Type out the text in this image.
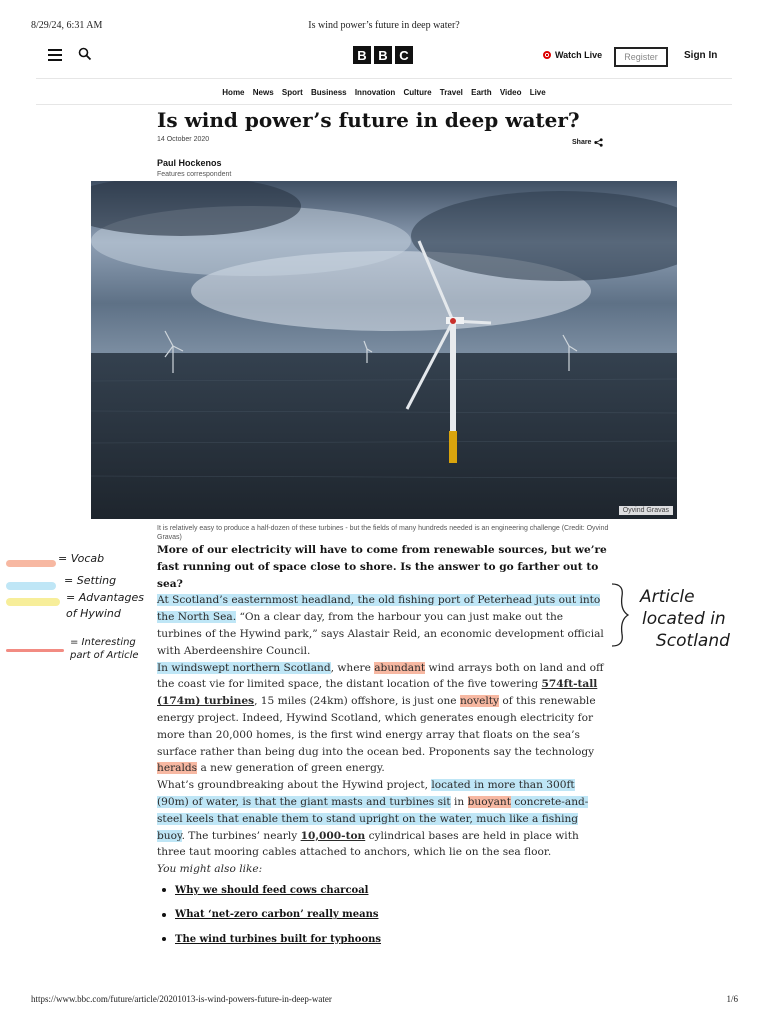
8/29/24, 6:31 AM	Is wind power’s future in deep water?
B B C	Watch Live	Register	Sign In
Home News Sport Business Innovation Culture Travel Earth Video Live
Is wind power’s future in deep water?
14 October 2020	Share
Paul Hockenos
Features correspondent
Oyvind Gravas
It is relatively easy to produce a half-dozen of these turbines - but the fields of many hundreds needed is an engineering challenge (Credit: Oyvind Gravas)

More of our electricity will have to come from renewable sources, but we’re fast running out of space close to shore. Is the answer to go farther out to sea?

At Scotland’s easternmost headland, the old fishing port of Peterhead juts out into the North Sea. “On a clear day, from the harbour you can just make out the turbines of the Hywind park,” says Alastair Reid, an economic development official with Aberdeenshire Council.

In windswept northern Scotland, where abundant wind arrays both on land and off the coast vie for limited space, the distant location of the five towering 574ft-tall (174m) turbines, 15 miles (24km) offshore, is just one novelty of this renewable energy project. Indeed, Hywind Scotland, which generates enough electricity for more than 20,000 homes, is the first wind energy array that floats on the sea’s surface rather than being dug into the ocean bed. Proponents say the technology heralds a new generation of green energy.

What’s groundbreaking about the Hywind project, located in more than 300ft (90m) of water, is that the giant masts and turbines sit in buoyant concrete-and-steel keels that enable them to stand upright on the water, much like a fishing buoy. The turbines’ nearly 10,000-ton cylindrical bases are held in place with three taut mooring cables attached to anchors, which lie on the sea floor.

You might also like:

Why we should feed cows charcoal
What ‘net-zero carbon’ really means
The wind turbines built for typhoons
= Vocab
= Setting
= Advantages of Hywind
= Interesting part of Article
Article
located in
Scotland
https://www.bbc.com/future/article/20201013-is-wind-powers-future-in-deep-water	1/6
